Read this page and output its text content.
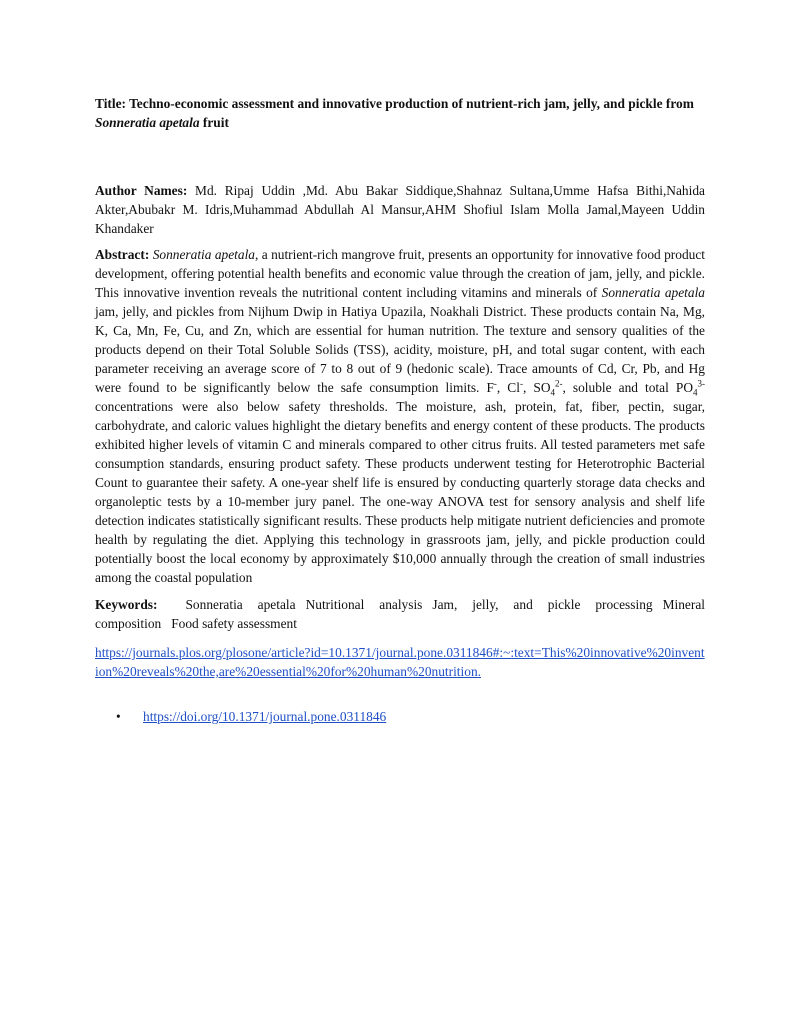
Title: Techno-economic assessment and innovative production of nutrient-rich jam, jelly, and pickle from Sonneratia apetala fruit

Author Names: Md. Ripaj Uddin ,Md. Abu Bakar Siddique,Shahnaz Sultana,Umme Hafsa Bithi,Nahida Akter,Abubakr M. Idris,Muhammad Abdullah Al Mansur,AHM Shofiul Islam Molla Jamal,Mayeen Uddin Khandaker
Abstract: Sonneratia apetala, a nutrient-rich mangrove fruit, presents an opportunity for innovative food product development, offering potential health benefits and economic value through the creation of jam, jelly, and pickle. This innovative invention reveals the nutritional content including vitamins and minerals of Sonneratia apetala jam, jelly, and pickles from Nijhum Dwip in Hatiya Upazila, Noakhali District. These products contain Na, Mg, K, Ca, Mn, Fe, Cu, and Zn, which are essential for human nutrition. The texture and sensory qualities of the products depend on their Total Soluble Solids (TSS), acidity, moisture, pH, and total sugar content, with each parameter receiving an average score of 7 to 8 out of 9 (hedonic scale). Trace amounts of Cd, Cr, Pb, and Hg were found to be significantly below the safe consumption limits. F-, Cl-, $SO_4^{2-}$, soluble and total $PO_4^{3-}$ concentrations were also below safety thresholds. The moisture, ash, protein, fat, fiber, pectin, sugar, carbohydrate, and caloric values highlight the dietary benefits and energy content of these products. The products exhibited higher levels of vitamin C and minerals compared to other citrus fruits. All tested parameters met safe consumption standards, ensuring product safety. These products underwent testing for Heterotrophic Bacterial Count to guarantee their safety. A one-year shelf life is ensured by conducting quarterly storage data checks and organoleptic tests by a 10-member jury panel. The one-way ANOVA test for sensory analysis and shelf life detection indicates statistically significant results. These products help mitigate nutrient deficiencies and promote health by regulating the diet. Applying this technology in grassroots jam, jelly, and pickle production could potentially boost the local economy by approximately $10,000 annually through the creation of small industries among the coastal population
Keywords: Sonneratia apetala Nutritional analysis Jam, jelly, and pickle processing Mineral composition Food safety assessment
https://journals.plos.org/plosone/article?id=10.1371/journal.pone.0311846#:~:text=This%20innovative%20invention%20reveals%20the,are%20essential%20for%20human%20nutrition.
• https://doi.org/10.1371/journal.pone.0311846
